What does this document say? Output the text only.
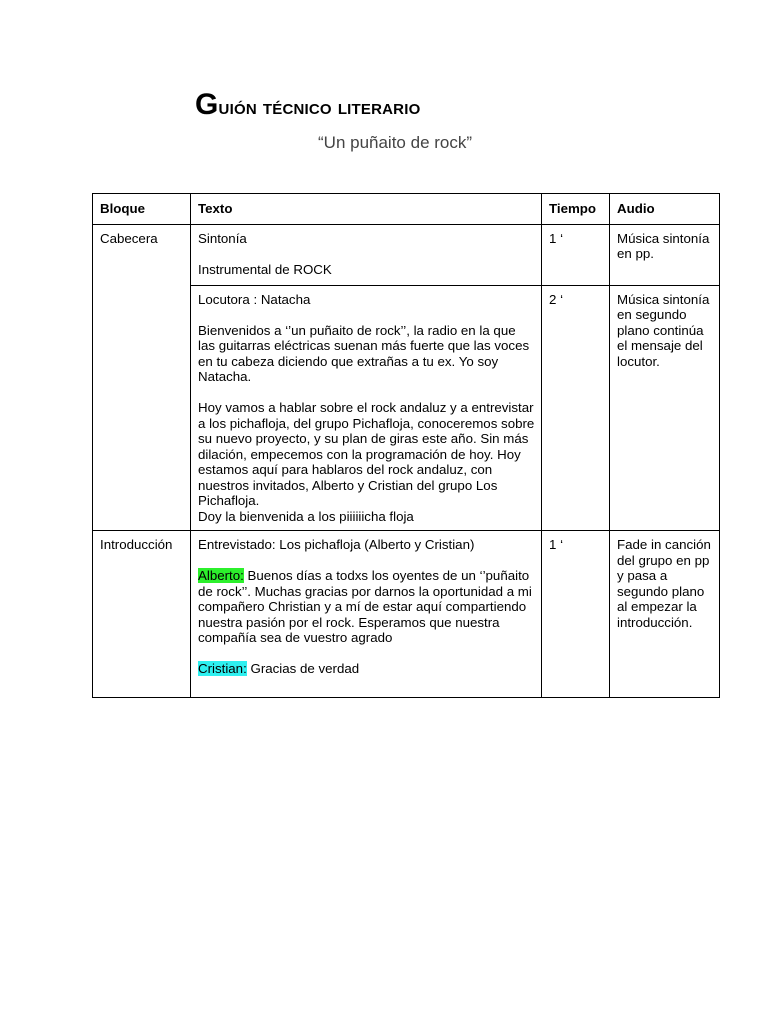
Guión técnico literario
“Un puñaito de rock”
Bloque	Texto	Tiempo	Audio
Cabecera	Sintonía

Instrumental de ROCK	1 ‘	Música sintonía en pp.

	Locutora : Natacha

Bienvenidos a ‘’un puñaito de rock’’, la radio en la que las guitarras eléctricas suenan más fuerte que las voces en tu cabeza diciendo que extrañas a tu ex. Yo soy Natacha.

Hoy vamos a hablar sobre el rock andaluz y a entrevistar a los pichafloja, del grupo Pichafloja, conoceremos sobre su nuevo proyecto, y su plan de giras este año. Sin más dilación, empecemos con la programación de hoy. Hoy estamos aquí para hablaros del rock andaluz, con nuestros invitados, Alberto y Cristian del grupo Los Pichafloja.
Doy la bienvenida a los piiiiiicha floja	2 ‘	Música sintonía en segundo plano continúa el mensaje del locutor.
Introducción	Entrevistado: Los pichafloja (Alberto y Cristian)

Alberto: Buenos días a todxs los oyentes de un ‘’puñaito de rock’’. Muchas gracias por darnos la oportunidad a mi compañero Christian y a mí de estar aquí compartiendo nuestra pasión por el rock. Esperamos que nuestra compañía sea de vuestro agrado

Cristian: Gracias de verdad	1 ‘	Fade in canción del grupo en pp y pasa a segundo plano al empezar la introducción.
